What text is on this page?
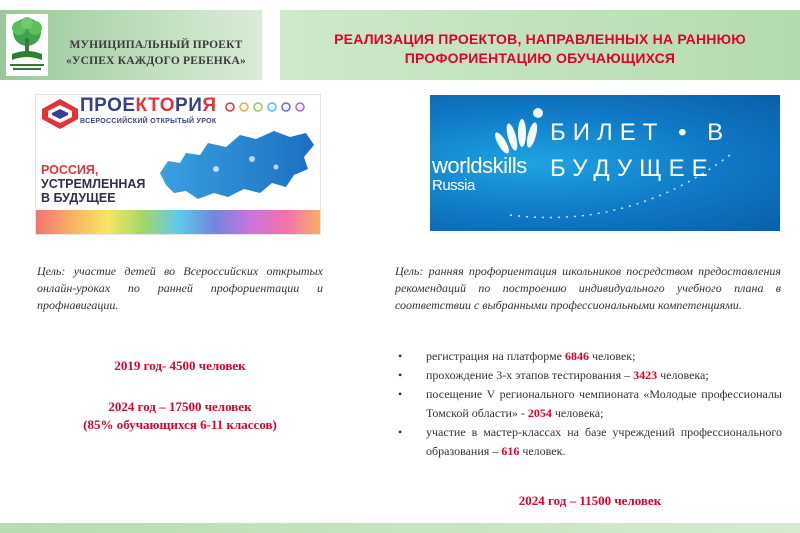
МУНИЦИПАЛЬНЫЙ ПРОЕКТ
«УСПЕХ КАЖДОГО РЕБЕНКА»
РЕАЛИЗАЦИЯ ПРОЕКТОВ, НАПРАВЛЕННЫХ НА РАННЮЮ
ПРОФОРИЕНТАЦИЮ ОБУЧАЮЩИХСЯ
ПРОЕКТОРИЯ
ВСЕРОССИЙСКИЙ ОТКРЫТЫЙ УРОК
РОССИЯ,
УСТРЕМЛЕННАЯ
В БУДУЩЕЕ
worldskills
Russia
БИЛЕТ • В
БУДУЩЕЕ
Цель: участие детей во Всероссийских открытых онлайн-уроках по ранней профориентации и профнавигации.
2019 год- 4500 человек
2024 год – 17500 человек
(85% обучающихся 6-11 классов)
Цель: ранняя профориентация школьников посредством предоставления рекомендаций по построению индивидуального учебного плана в соответствии с выбранными профессиональными компетенциями.
• регистрация на платформе 6846 человек;
• прохождение 3-х этапов тестирования – 3423 человека;
• посещение V регионального чемпионата «Молодые профессионалы Томской области» - 2054 человека;
• участие в мастер-классах на базе учреждений профессионального образования – 616 человек.
2024 год – 11500 человек
